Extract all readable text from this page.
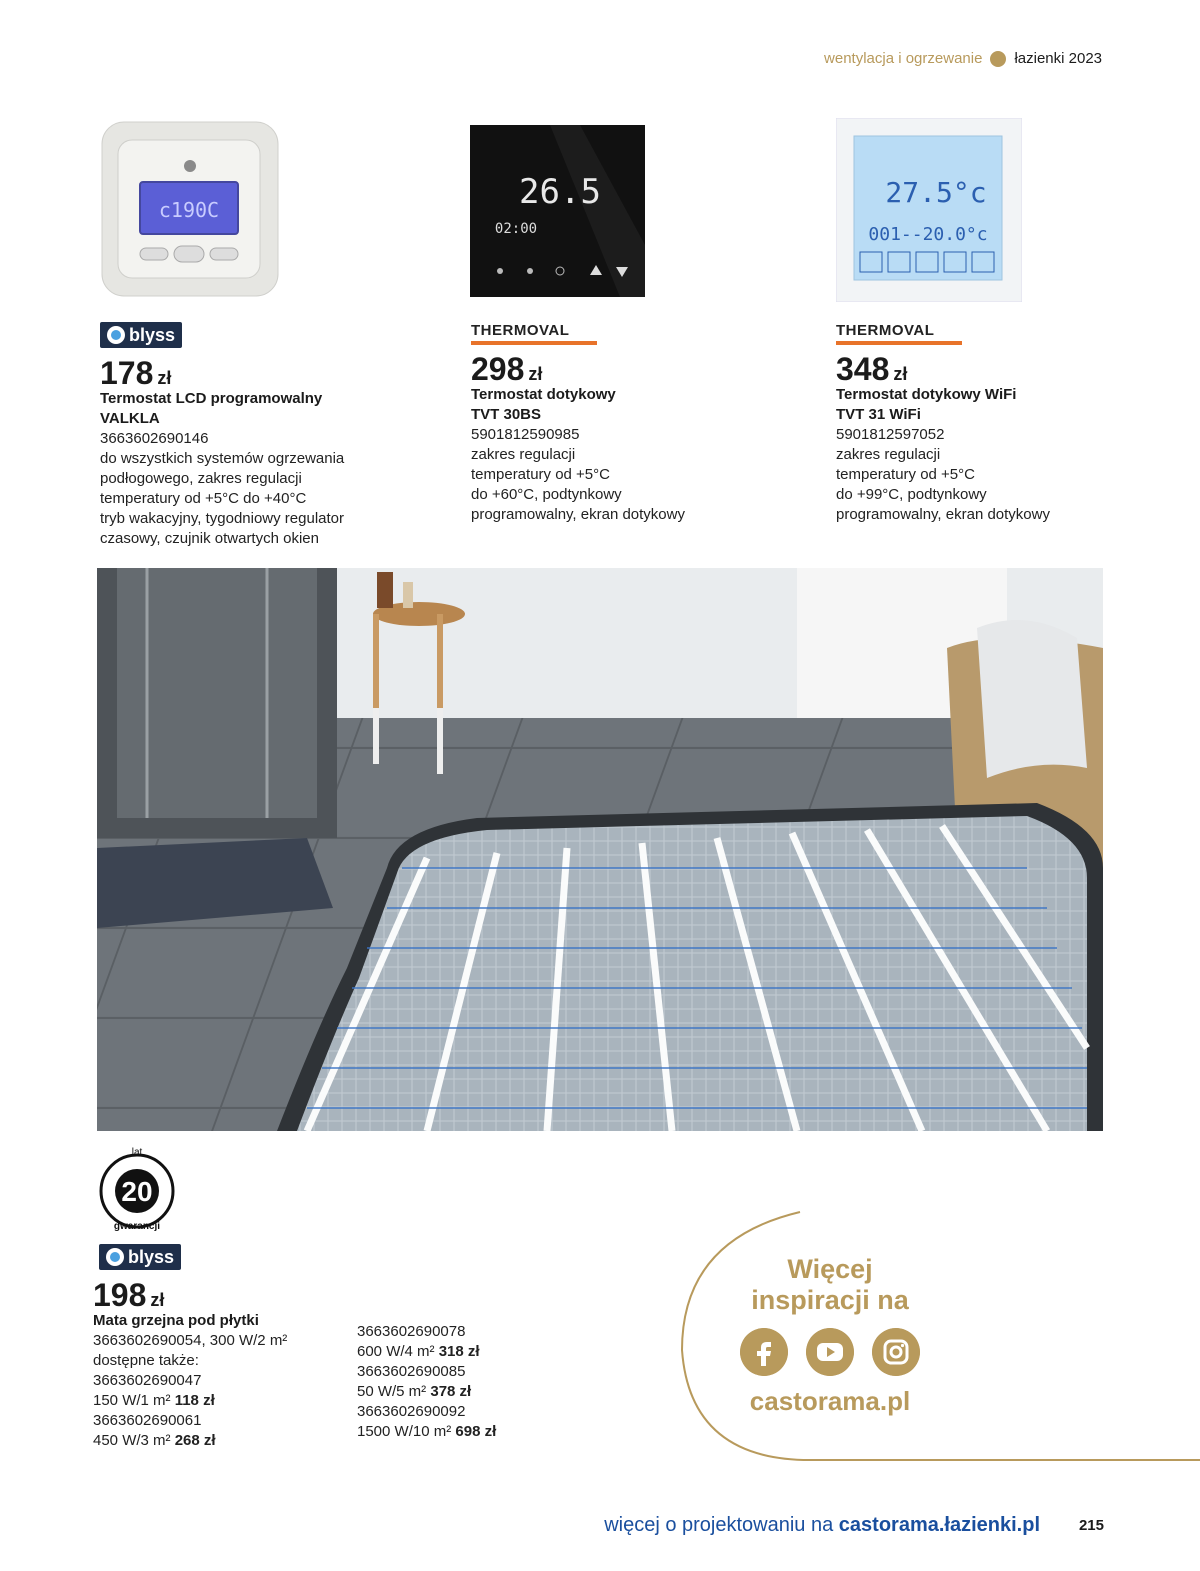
wentylacja i ogrzewanie łazienki 2023
c190C	26.5
02:00
27.5°c
001--20.0°c
blyss
178 zł
Termostat LCD programowalny
VALKLA
3663602690146
do wszystkich systemów ogrzewania
podłogowego, zakres regulacji
temperatury od +5°C do +40°C
tryb wakacyjny, tygodniowy regulator
czasowy, czujnik otwartych okien
THERMOVAL
298 zł
Termostat dotykowy
TVT 30BS
5901812590985
zakres regulacji
temperatury od +5°C
do +60°C, podtynkowy
programowalny, ekran dotykowy
THERMOVAL
348 zł
Termostat dotykowy WiFi
TVT 31 WiFi
5901812597052
zakres regulacji
temperatury od +5°C
do +99°C, podtynkowy
programowalny, ekran dotykowy
lat
20
gwarancji
blyss
198 zł
Mata grzejna pod płytki
3663602690054, 300 W/2 m²
dostępne także:
3663602690047
150 W/1 m² 118 zł
3663602690061
450 W/3 m² 268 zł
3663602690078
600 W/4 m² 318 zł
3663602690085
50 W/5 m² 378 zł
3663602690092
1500 W/10 m² 698 zł
Więcej
inspiracji na
castorama.pl
więcej o projektowaniu na castorama.łazienki.pl	215
